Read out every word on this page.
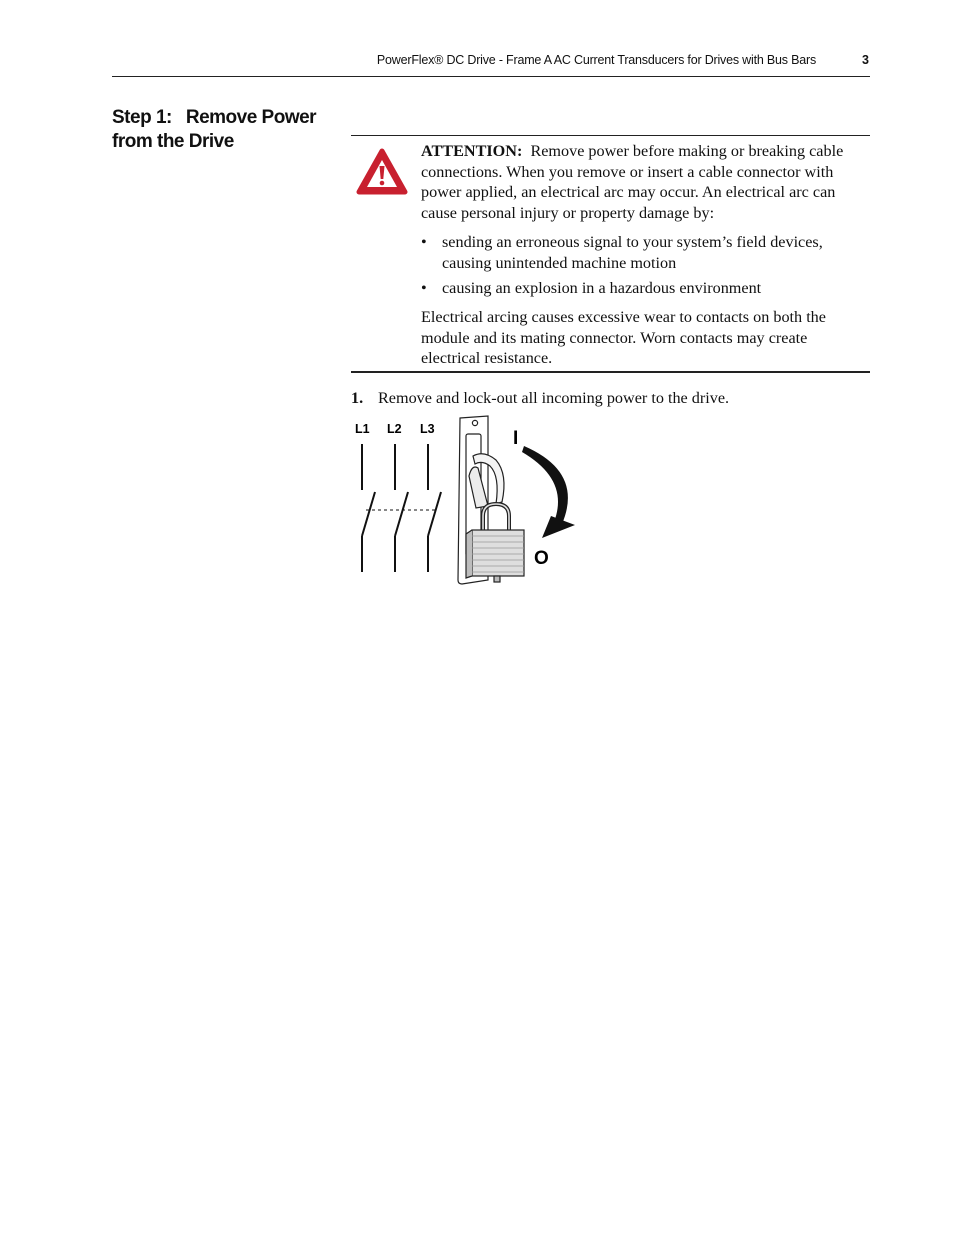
PowerFlex® DC Drive - Frame A AC Current Transducers for Drives with Bus Bars	3
Step 1: Remove Power from the Drive	ATTENTION: Remove power before making or breaking cable connections. When you remove or insert a cable connector with power applied, an electrical arc may occur. An electrical arc can cause personal injury or property damage by:

• sending an erroneous signal to your system’s field devices, causing unintended machine motion
• causing an explosion in a hazardous environment

Electrical arcing causes excessive wear to contacts on both the module and its mating connector. Worn contacts may create electrical resistance.

1. Remove and lock-out all incoming power to the drive.
L1 L2 L3	I
O
